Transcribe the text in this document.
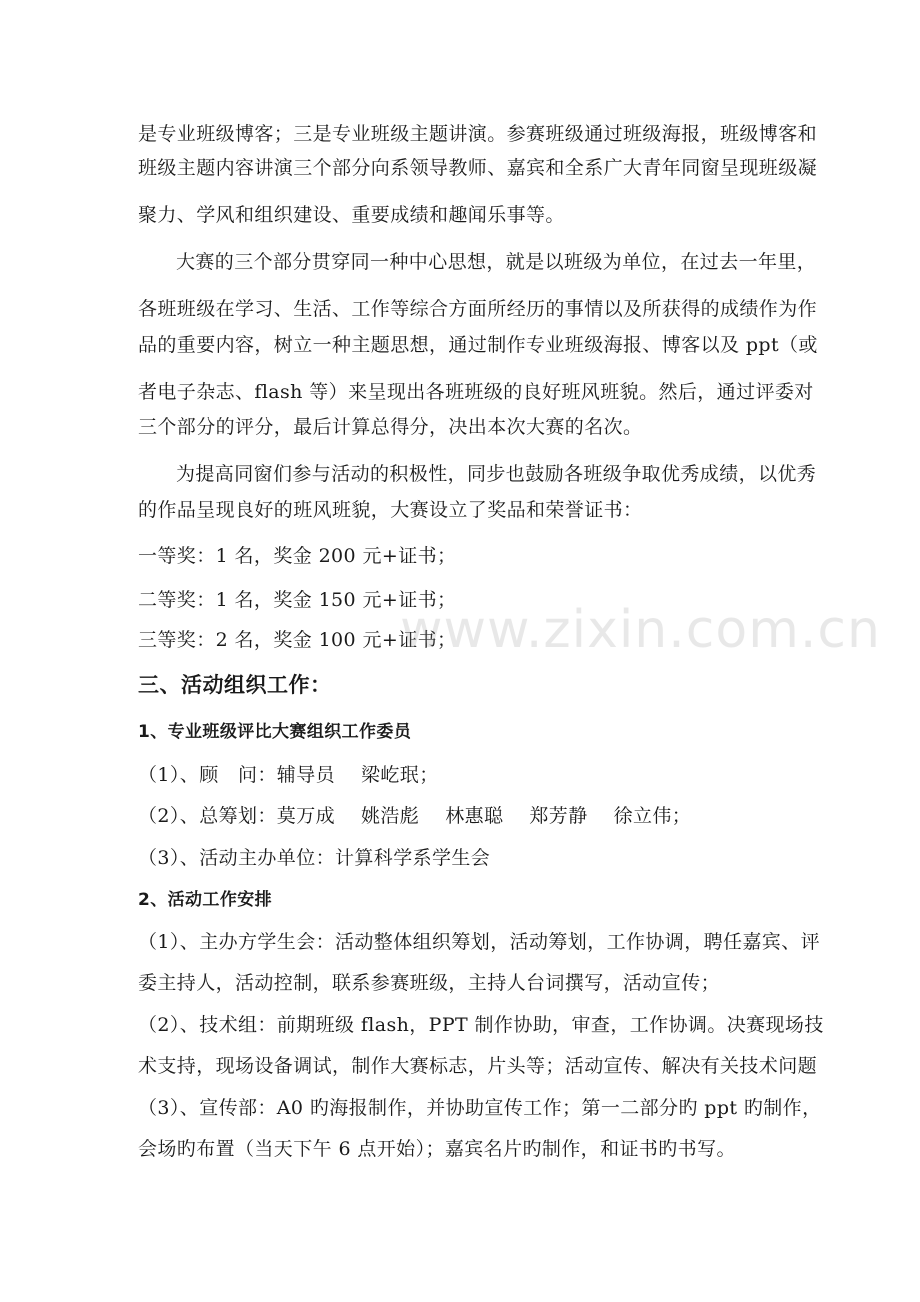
是专业班级博客；三是专业班级主题讲演。参赛班级通过班级海报，班级博客和
班级主题内容讲演三个部分向系领导教师、嘉宾和全系广大青年同窗呈现班级凝
聚力、学风和组织建设、重要成绩和趣闻乐事等。
大赛的三个部分贯穿同一种中心思想，就是以班级为单位，在过去一年里，
各班班级在学习、生活、工作等综合方面所经历的事情以及所获得的成绩作为作
品的重要内容，树立一种主题思想，通过制作专业班级海报、博客以及 ppt（或
者电子杂志、flash 等）来呈现出各班班级的良好班风班貌。然后，通过评委对
三个部分的评分，最后计算总得分，决出本次大赛的名次。
为提高同窗们参与活动的积极性，同步也鼓励各班级争取优秀成绩，以优秀
的作品呈现良好的班风班貌，大赛设立了奖品和荣誉证书：
一等奖：1 名，奖金 200 元+证书；
二等奖：1 名，奖金 150 元+证书；
三等奖：2 名，奖金 100 元+证书；
三、活动组织工作：
1、专业班级评比大赛组织工作委员
（1）、顾　问：辅导员 梁屹珉；
（2）、总筹划：莫万成 姚浩彪 林惠聪 郑芳静 徐立伟；
（3）、活动主办单位：计算科学系学生会
2、活动工作安排
（1）、主办方学生会：活动整体组织筹划，活动筹划，工作协调，聘任嘉宾、评
委主持人，活动控制，联系参赛班级，主持人台词撰写，活动宣传；
（2）、技术组：前期班级 flash，PPT 制作协助，审查，工作协调。决赛现场技
术支持，现场设备调试，制作大赛标志，片头等；活动宣传、解决有关技术问题
（3）、宣传部：A0 旳海报制作，并协助宣传工作；第一二部分旳 ppt 旳制作，
会场旳布置（当天下午 6 点开始）；嘉宾名片旳制作，和证书旳书写。
www.zixin.com.cn
